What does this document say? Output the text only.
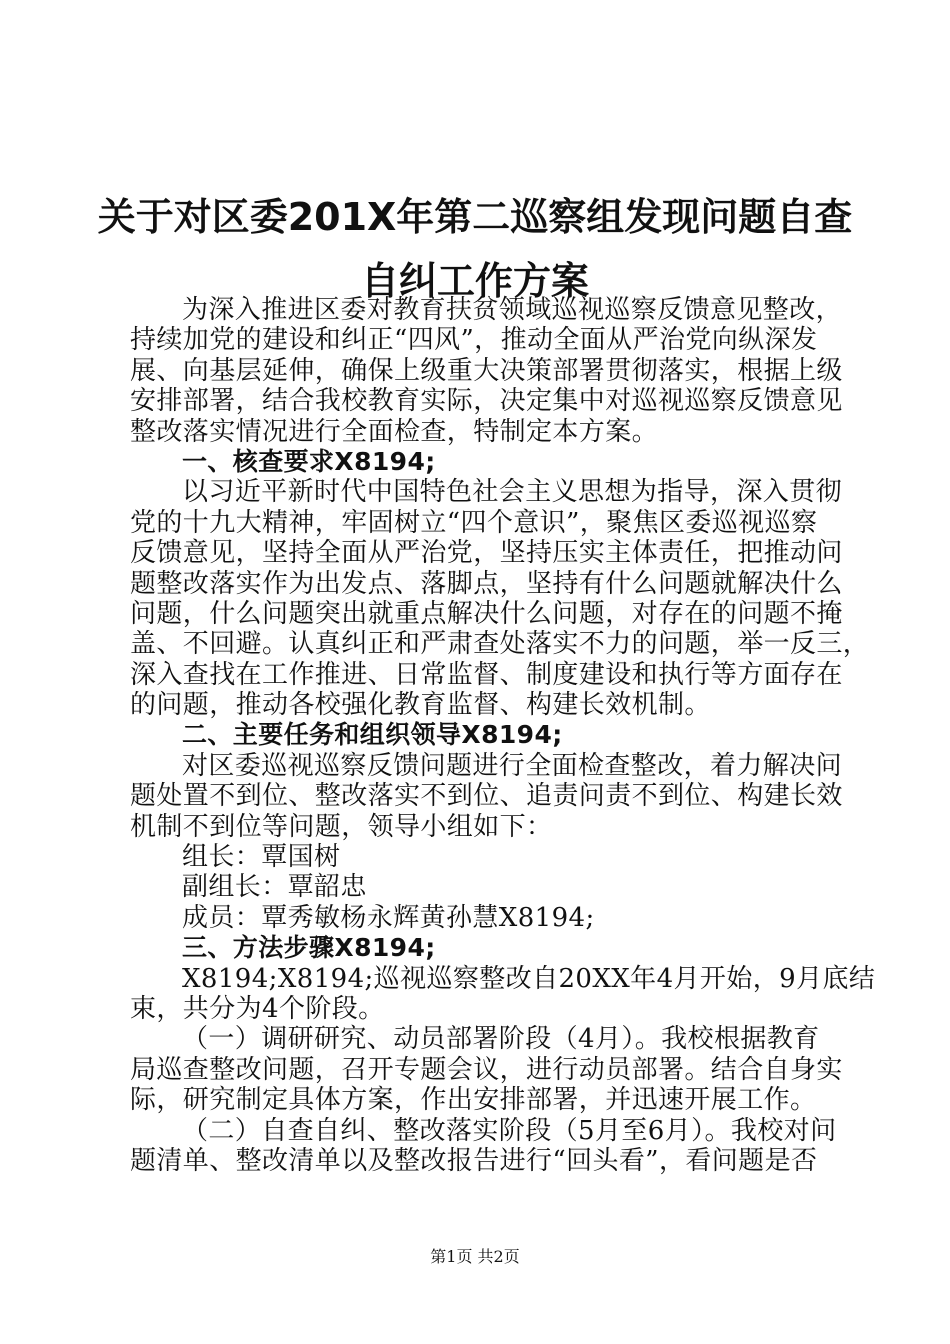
关于对区委201X年第二巡察组发现问题自查
自纠工作方案
为深入推进区委对教育扶贫领域巡视巡察反馈意见整改，
持续加党的建设和纠正“四风”，推动全面从严治党向纵深发
展、向基层延伸，确保上级重大决策部署贯彻落实，根据上级
安排部署，结合我校教育实际，决定集中对巡视巡察反馈意见
整改落实情况进行全面检查，特制定本方案。
一、核查要求X8194;
以习近平新时代中国特色社会主义思想为指导，深入贯彻
党的十九大精神，牢固树立“四个意识”，聚焦区委巡视巡察
反馈意见，坚持全面从严治党，坚持压实主体责任，把推动问
题整改落实作为出发点、落脚点，坚持有什么问题就解决什么
问题，什么问题突出就重点解决什么问题，对存在的问题不掩
盖、不回避。认真纠正和严肃查处落实不力的问题，举一反三，
深入查找在工作推进、日常监督、制度建设和执行等方面存在
的问题，推动各校强化教育监督、构建长效机制。
二、主要任务和组织领导X8194;
对区委巡视巡察反馈问题进行全面检查整改，着力解决问
题处置不到位、整改落实不到位、追责问责不到位、构建长效
机制不到位等问题，领导小组如下：
组长：覃国树
副组长：覃韶忠
成员：覃秀敏杨永辉黄孙慧X8194;
三、方法步骤X8194;
X8194;X8194;巡视巡察整改自20XX年4月开始，9月底结
束，共分为4个阶段。
（一）调研研究、动员部署阶段（4月）。我校根据教育
局巡查整改问题，召开专题会议，进行动员部署。结合自身实
际，研究制定具体方案，作出安排部署，并迅速开展工作。
（二）自查自纠、整改落实阶段（5月至6月）。我校对问
题清单、整改清单以及整改报告进行“回头看”，看问题是否
第1页 共2页
